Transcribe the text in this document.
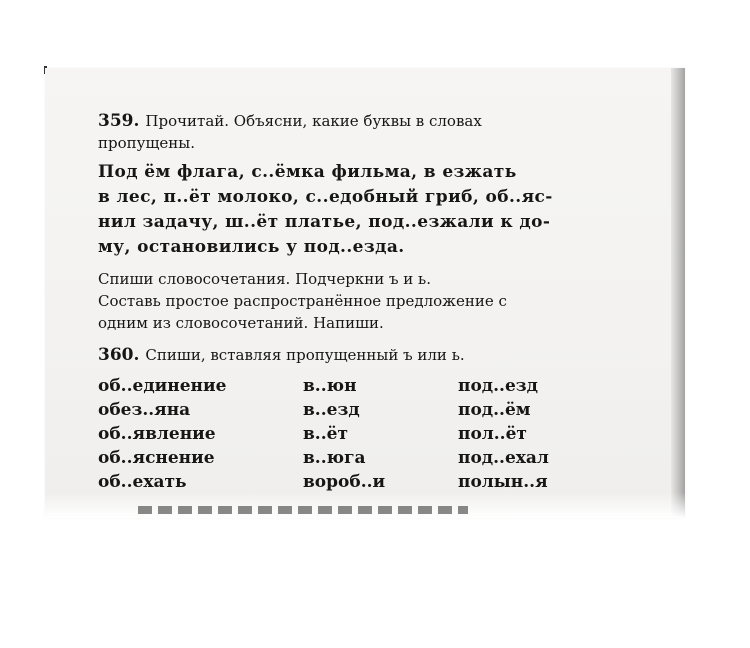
359. Прочитай. Объясни, какие буквы в словах
пропущены.
Под ём флага, с..ёмка фильма, в езжать
в лес, п..ёт молоко, с..едобный гриб, об..яс-
нил задачу, ш..ёт платье, под..езжали к до-
му, остановились у под..езда.
Спиши словосочетания. Подчеркни ъ и ь.
Составь простое распространённое предложение с
одним из словосочетаний. Напиши.
360. Спиши, вставляя пропущенный ъ или ь.
об..единение
обез..яна
об..явление
об..яснение
об..ехать
в..юн
в..езд
в..ёт
в..юга
вороб..и
под..езд
под..ём
пол..ёт
под..ехал
полын..я
